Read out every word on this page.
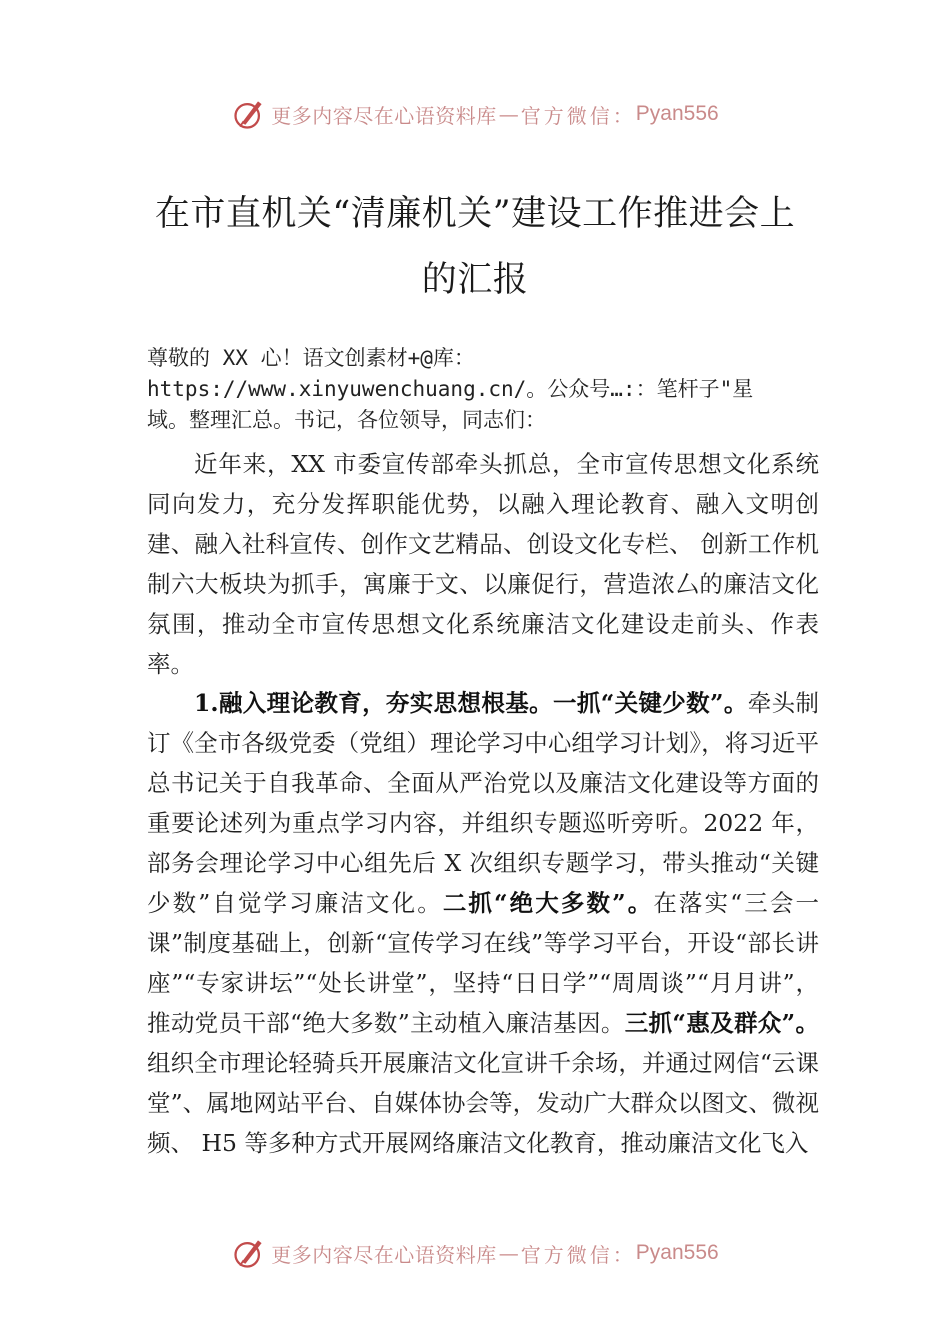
更多内容尽在心语资料库 — 官方微信： Pyan556
在市直机关“清廉机关”建设工作推进会上
的汇报
尊敬的 XX 心！语文创素材+@库：
https://www.xinyuwenchuang.cn/。公众号…:：笔杆子"星
域。整理汇总。书记，各位领导，同志们：
近年来，XX 市委宣传部牵头抓总，全市宣传思想文化系统同向发力，充分发挥职能优势，以融入理论教育、融入文明创建、融入社科宣传、创作文艺精品、创设文化专栏、 创新工作机制六大板块为抓手，寓廉于文、以廉促行，营造浓厶的廉洁文化氛围，推动全市宣传思想文化系统廉洁文化建设走前头、作表率。
1.融入理论教育，夯实思想根基。一抓“关键少数”。牵头制订《全市各级党委（党组）理论学习中心组学习计划》，将习近平总书记关于自我革命、全面从严治党以及廉洁文化建设等方面的重要论述列为重点学习内容，并组织专题巡听旁听。2022 年，部务会理论学习中心组先后 X 次组织专题学习，带头推动“关键少数”自觉学习廉洁文化。二抓“绝大多数”。在落实“三会一课”制度基础上，创新“宣传学习在线”等学习平台，开设“部长讲座”“专家讲坛”“处长讲堂”，坚持“日日学”“周周谈”“月月讲”，推动党员干部“绝大多数”主动植入廉洁基因。三抓“惠及群众”。组织全市理论轻骑兵开展廉洁文化宣讲千余场，并通过网信“云课堂”、属地网站平台、自媒体协会等，发动广大群众以图文、微视频、 H5 等多种方式开展网络廉洁文化教育，推动廉洁文化飞入
更多内容尽在心语资料库 — 官方微信： Pyan556
